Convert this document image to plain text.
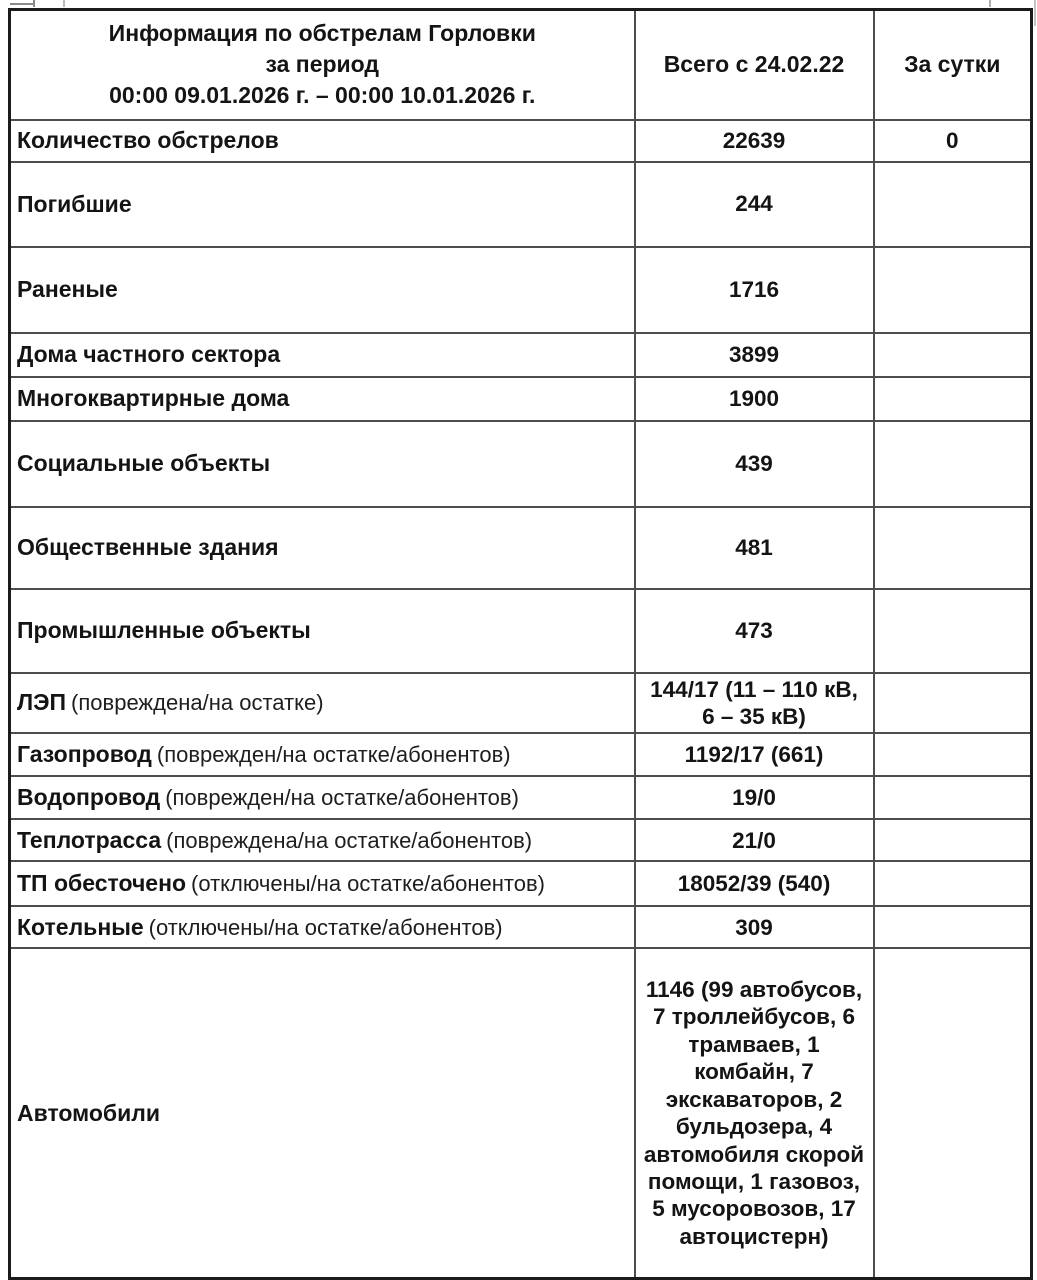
Информация по обстрелам Горловки
за период
00:00 09.01.2026 г. – 00:00 10.01.2026 г.	Всего с 24.02.22	За сутки
Количество обстрелов	22639	0
Погибшие	244	
Раненые	1716	
Дома частного сектора	3899	
Многоквартирные дома	1900	
Социальные объекты	439	
Общественные здания	481	
Промышленные объекты	473	
ЛЭП (повреждена/на остатке)	144/17 (11 – 110 кВ, 6 – 35 кВ)	
Газопровод (поврежден/на остатке/абонентов)	1192/17 (661)	
Водопровод (поврежден/на остатке/абонентов)	19/0	
Теплотрасса (повреждена/на остатке/абонентов)	21/0	
ТП обесточено (отключены/на остатке/абонентов)	18052/39 (540)	
Котельные (отключены/на остатке/абонентов)	309	
Автомобили	1146 (99 автобусов, 7 троллейбусов, 6 трамваев, 1 комбайн, 7 экскаваторов, 2 бульдозера, 4 автомобиля скорой помощи, 1 газовоз, 5 мусоровозов, 17 автоцистерн)	
